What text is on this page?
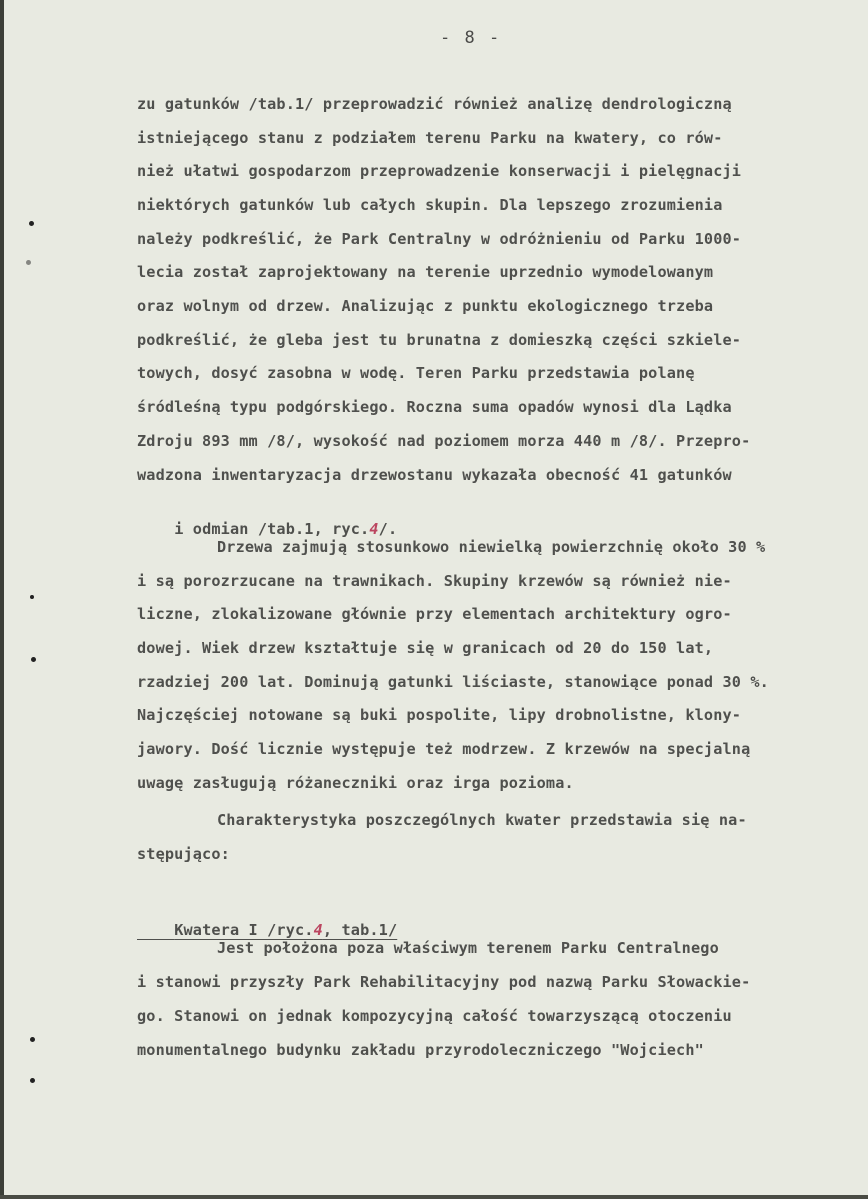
- 8 -
zu gatunków /tab.1/ przeprowadzić również analizę dendrologiczną
istniejącego stanu z podziałem terenu Parku na kwatery, co rów-
nież ułatwi gospodarzom przeprowadzenie konserwacji i pielęgnacji
niektórych gatunków lub całych skupin. Dla lepszego zrozumienia
należy podkreślić, że Park Centralny w odróżnieniu od Parku 1000-
lecia został zaprojektowany na terenie uprzednio wymodelowanym
oraz wolnym od drzew. Analizując z punktu ekologicznego trzeba
podkreślić, że gleba jest tu brunatna z domieszką części szkiele-
towych, dosyć zasobna w wodę. Teren Parku przedstawia polanę
śródleśną typu podgórskiego. Roczna suma opadów wynosi dla Lądka
Zdroju 893 mm /8/, wysokość nad poziomem morza 440 m /8/. Przepro-
wadzona inwentaryzacja drzewostanu wykazała obecność 41 gatunków

i odmian /tab.1, ryc.4/.

Drzewa zajmują stosunkowo niewielką powierzchnię około 30 %
i są porozrzucane na trawnikach. Skupiny krzewów są również nie-
liczne, zlokalizowane głównie przy elementach architektury ogro-
dowej. Wiek drzew kształtuje się w granicach od 20 do 150 lat,
rzadziej 200 lat. Dominują gatunki liściaste, stanowiące ponad 30 %.
Najczęściej notowane są buki pospolite, lipy drobnolistne, klony-
jawory. Dość licznie występuje też modrzew. Z krzewów na specjalną
uwagę zasługują różaneczniki oraz irga pozioma.
Charakterystyka poszczególnych kwater przedstawia się na-
stępująco:

Kwatera I /ryc.4, tab.1/

Jest położona poza właściwym terenem Parku Centralnego
i stanowi przyszły Park Rehabilitacyjny pod nazwą Parku Słowackie-
go. Stanowi on jednak kompozycyjną całość towarzyszącą otoczeniu
monumentalnego budynku zakładu przyrodoleczniczego "Wojciech"
